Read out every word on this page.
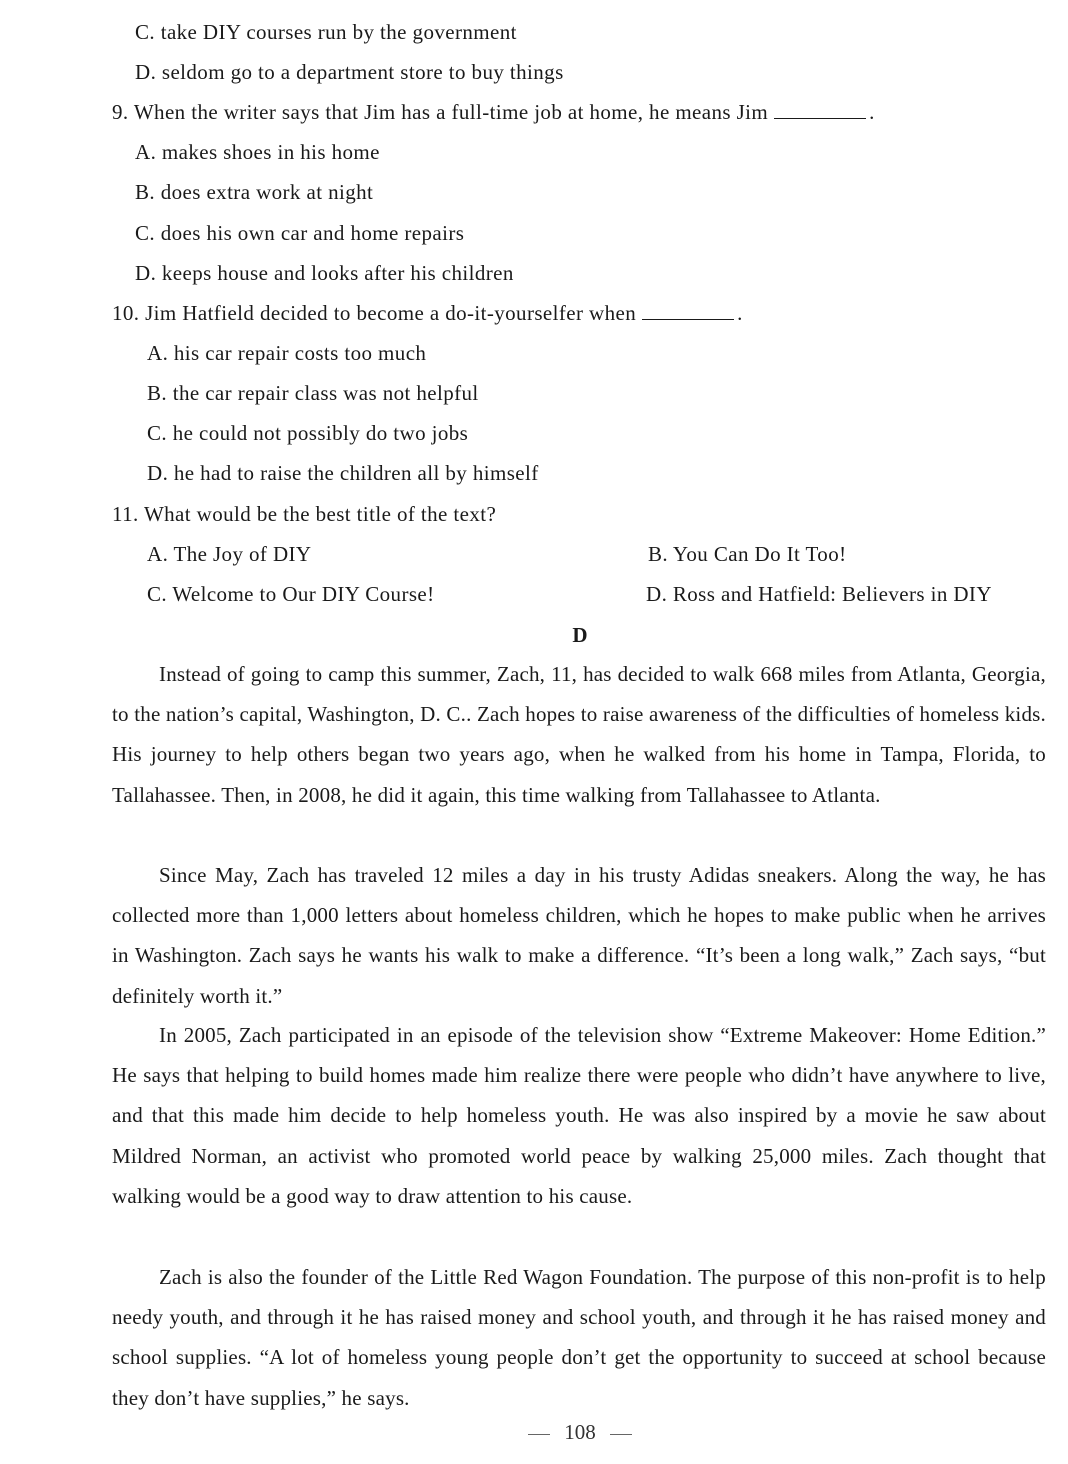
C. take DIY courses run by the government
D. seldom go to a department store to buy things
9. When the writer says that Jim has a full-time job at home, he means Jim	.
A. makes shoes in his home
B. does extra work at night
C. does his own car and home repairs
D. keeps house and looks after his children
10. Jim Hatfield decided to become a do-it-yourselfer when	.
A. his car repair costs too much
B. the car repair class was not helpful
C. he could not possibly do two jobs
D. he had to raise the children all by himself
11. What would be the best title of the text?
A. The Joy of DIY	B. You Can Do It Too!
C. Welcome to Our DIY Course!	D. Ross and Hatfield: Believers in DIY
D
Instead of going to camp this summer, Zach, 11, has decided to walk 668 miles from Atlanta, Georgia, to the nation’s capital, Washington, D. C.. Zach hopes to raise awareness of the difficulties of homeless kids. His journey to help others began two years ago, when he walked from his home in Tampa, Florida, to Tallahassee. Then, in 2008, he did it again, this time walking from Tallahassee to Atlanta.
Since May, Zach has traveled 12 miles a day in his trusty Adidas sneakers. Along the way, he has collected more than 1,000 letters about homeless children, which he hopes to make public when he arrives in Washington. Zach says he wants his walk to make a difference. “It’s been a long walk,” Zach says, “but definitely worth it.”
In 2005, Zach participated in an episode of the television show “Extreme Makeover: Home Edition.” He says that helping to build homes made him realize there were people who didn’t have anywhere to live, and that this made him decide to help homeless youth. He was also inspired by a movie he saw about Mildred Norman, an activist who promoted world peace by walking 25,000 miles. Zach thought that walking would be a good way to draw attention to his cause.
Zach is also the founder of the Little Red Wagon Foundation. The purpose of this non-profit is to help needy youth, and through it he has raised money and school youth, and through it he has raised money and school supplies. “A lot of homeless young people don’t get the opportunity to succeed at school because they don’t have supplies,” he says.
108
